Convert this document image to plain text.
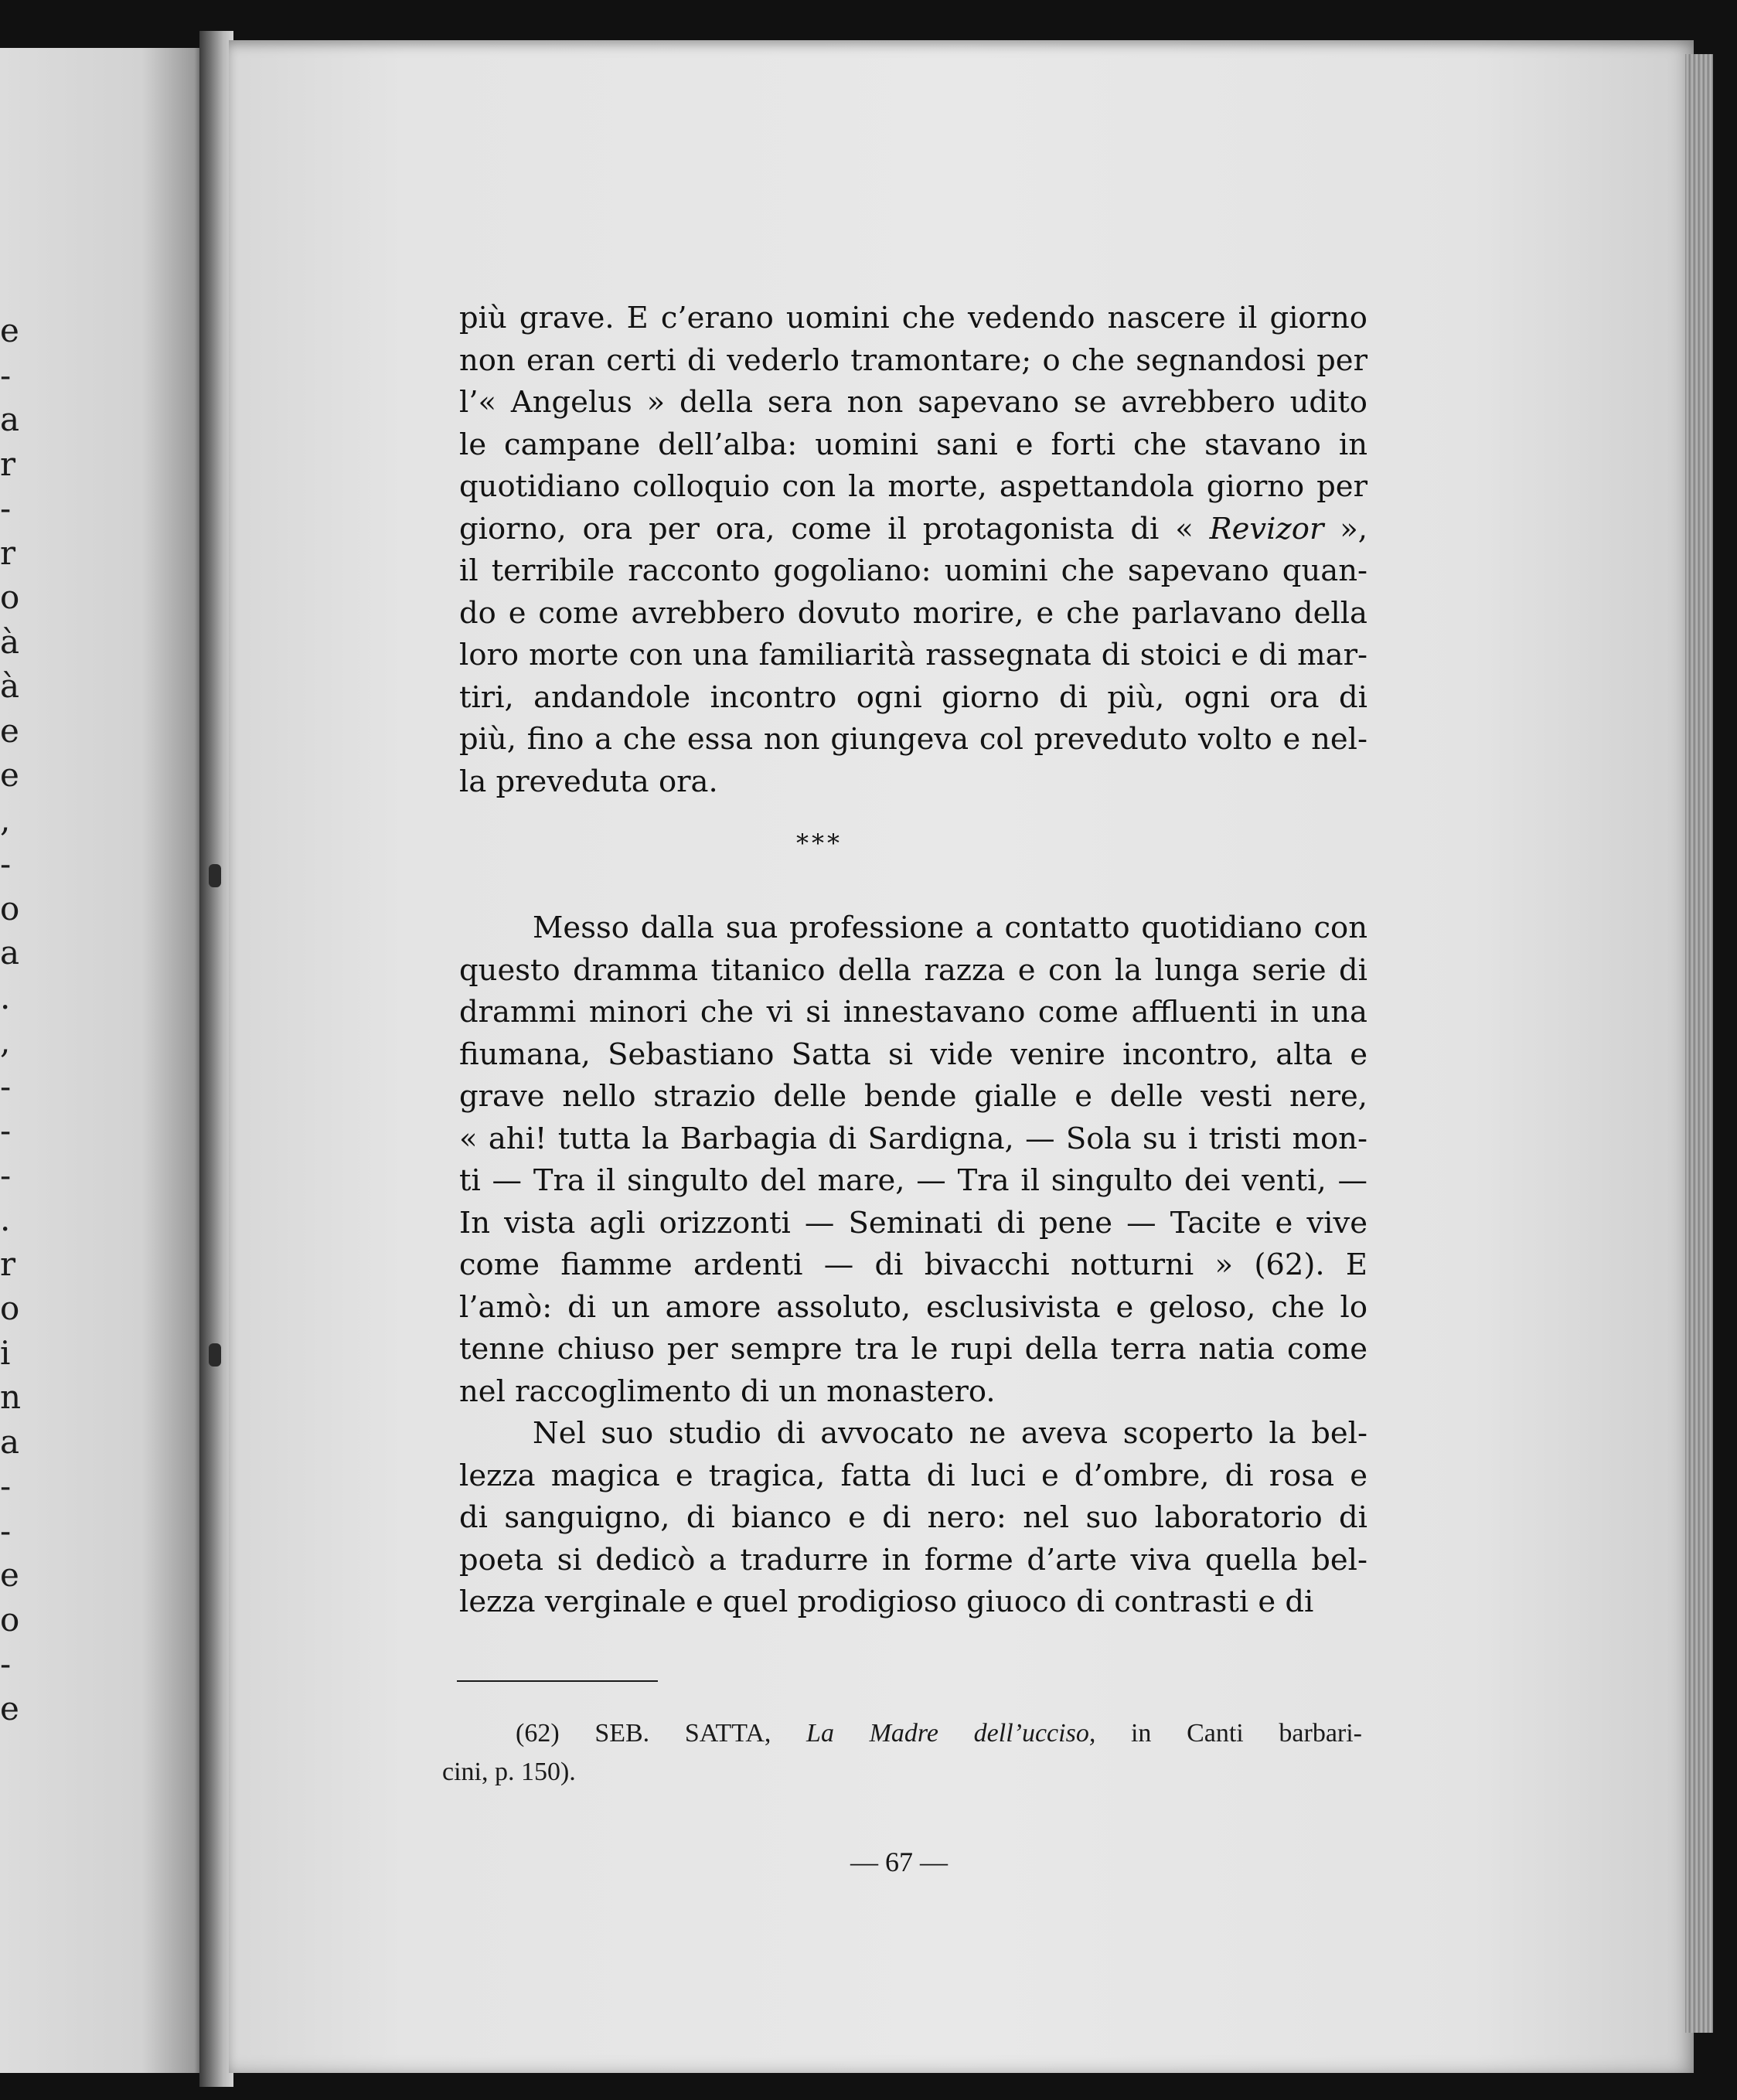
e
-
a
r
-
r
o
à
à
e
e
,
-
o
a
.
,
-
-
-
.
r
o
i
n
a
-
-
e
o
-
e
più grave. E c’erano uomini che vedendo nascere il giorno
non eran certi di vederlo tramontare; o che segnandosi per
l’« Angelus » della sera non sapevano se avrebbero udito
le campane dell’alba: uomini sani e forti che stavano in
quotidiano colloquio con la morte, aspettandola giorno per
giorno, ora per ora, come il protagonista di « Revizor »,
il terribile racconto gogoliano: uomini che sapevano quan-
do e come avrebbero dovuto morire, e che parlavano della
loro morte con una familiarità rassegnata di stoici e di mar-
tiri, andandole incontro ogni giorno di più, ogni ora di
più, fino a che essa non giungeva col preveduto volto e nel-
la preveduta ora.
***
Messo dalla sua professione a contatto quotidiano con
questo dramma titanico della razza e con la lunga serie di
drammi minori che vi si innestavano come affluenti in una
fiumana, Sebastiano Satta si vide venire incontro, alta e
grave nello strazio delle bende gialle e delle vesti nere,
« ahi! tutta la Barbagia di Sardigna, — Sola su i tristi mon-
ti — Tra il singulto del mare, — Tra il singulto dei venti, —
In vista agli orizzonti — Seminati di pene — Tacite e vive
come fiamme ardenti — di bivacchi notturni » (62). E
l’amò: di un amore assoluto, esclusivista e geloso, che lo
tenne chiuso per sempre tra le rupi della terra natia come
nel raccoglimento di un monastero.
Nel suo studio di avvocato ne aveva scoperto la bel-
lezza magica e tragica, fatta di luci e d’ombre, di rosa e
di sanguigno, di bianco e di nero: nel suo laboratorio di
poeta si dedicò a tradurre in forme d’arte viva quella bel-
lezza verginale e quel prodigioso giuoco di contrasti e di
(62) SEB. SATTA, La Madre dell’ucciso, in Canti barbari-
cini, p. 150).
— 67 —
